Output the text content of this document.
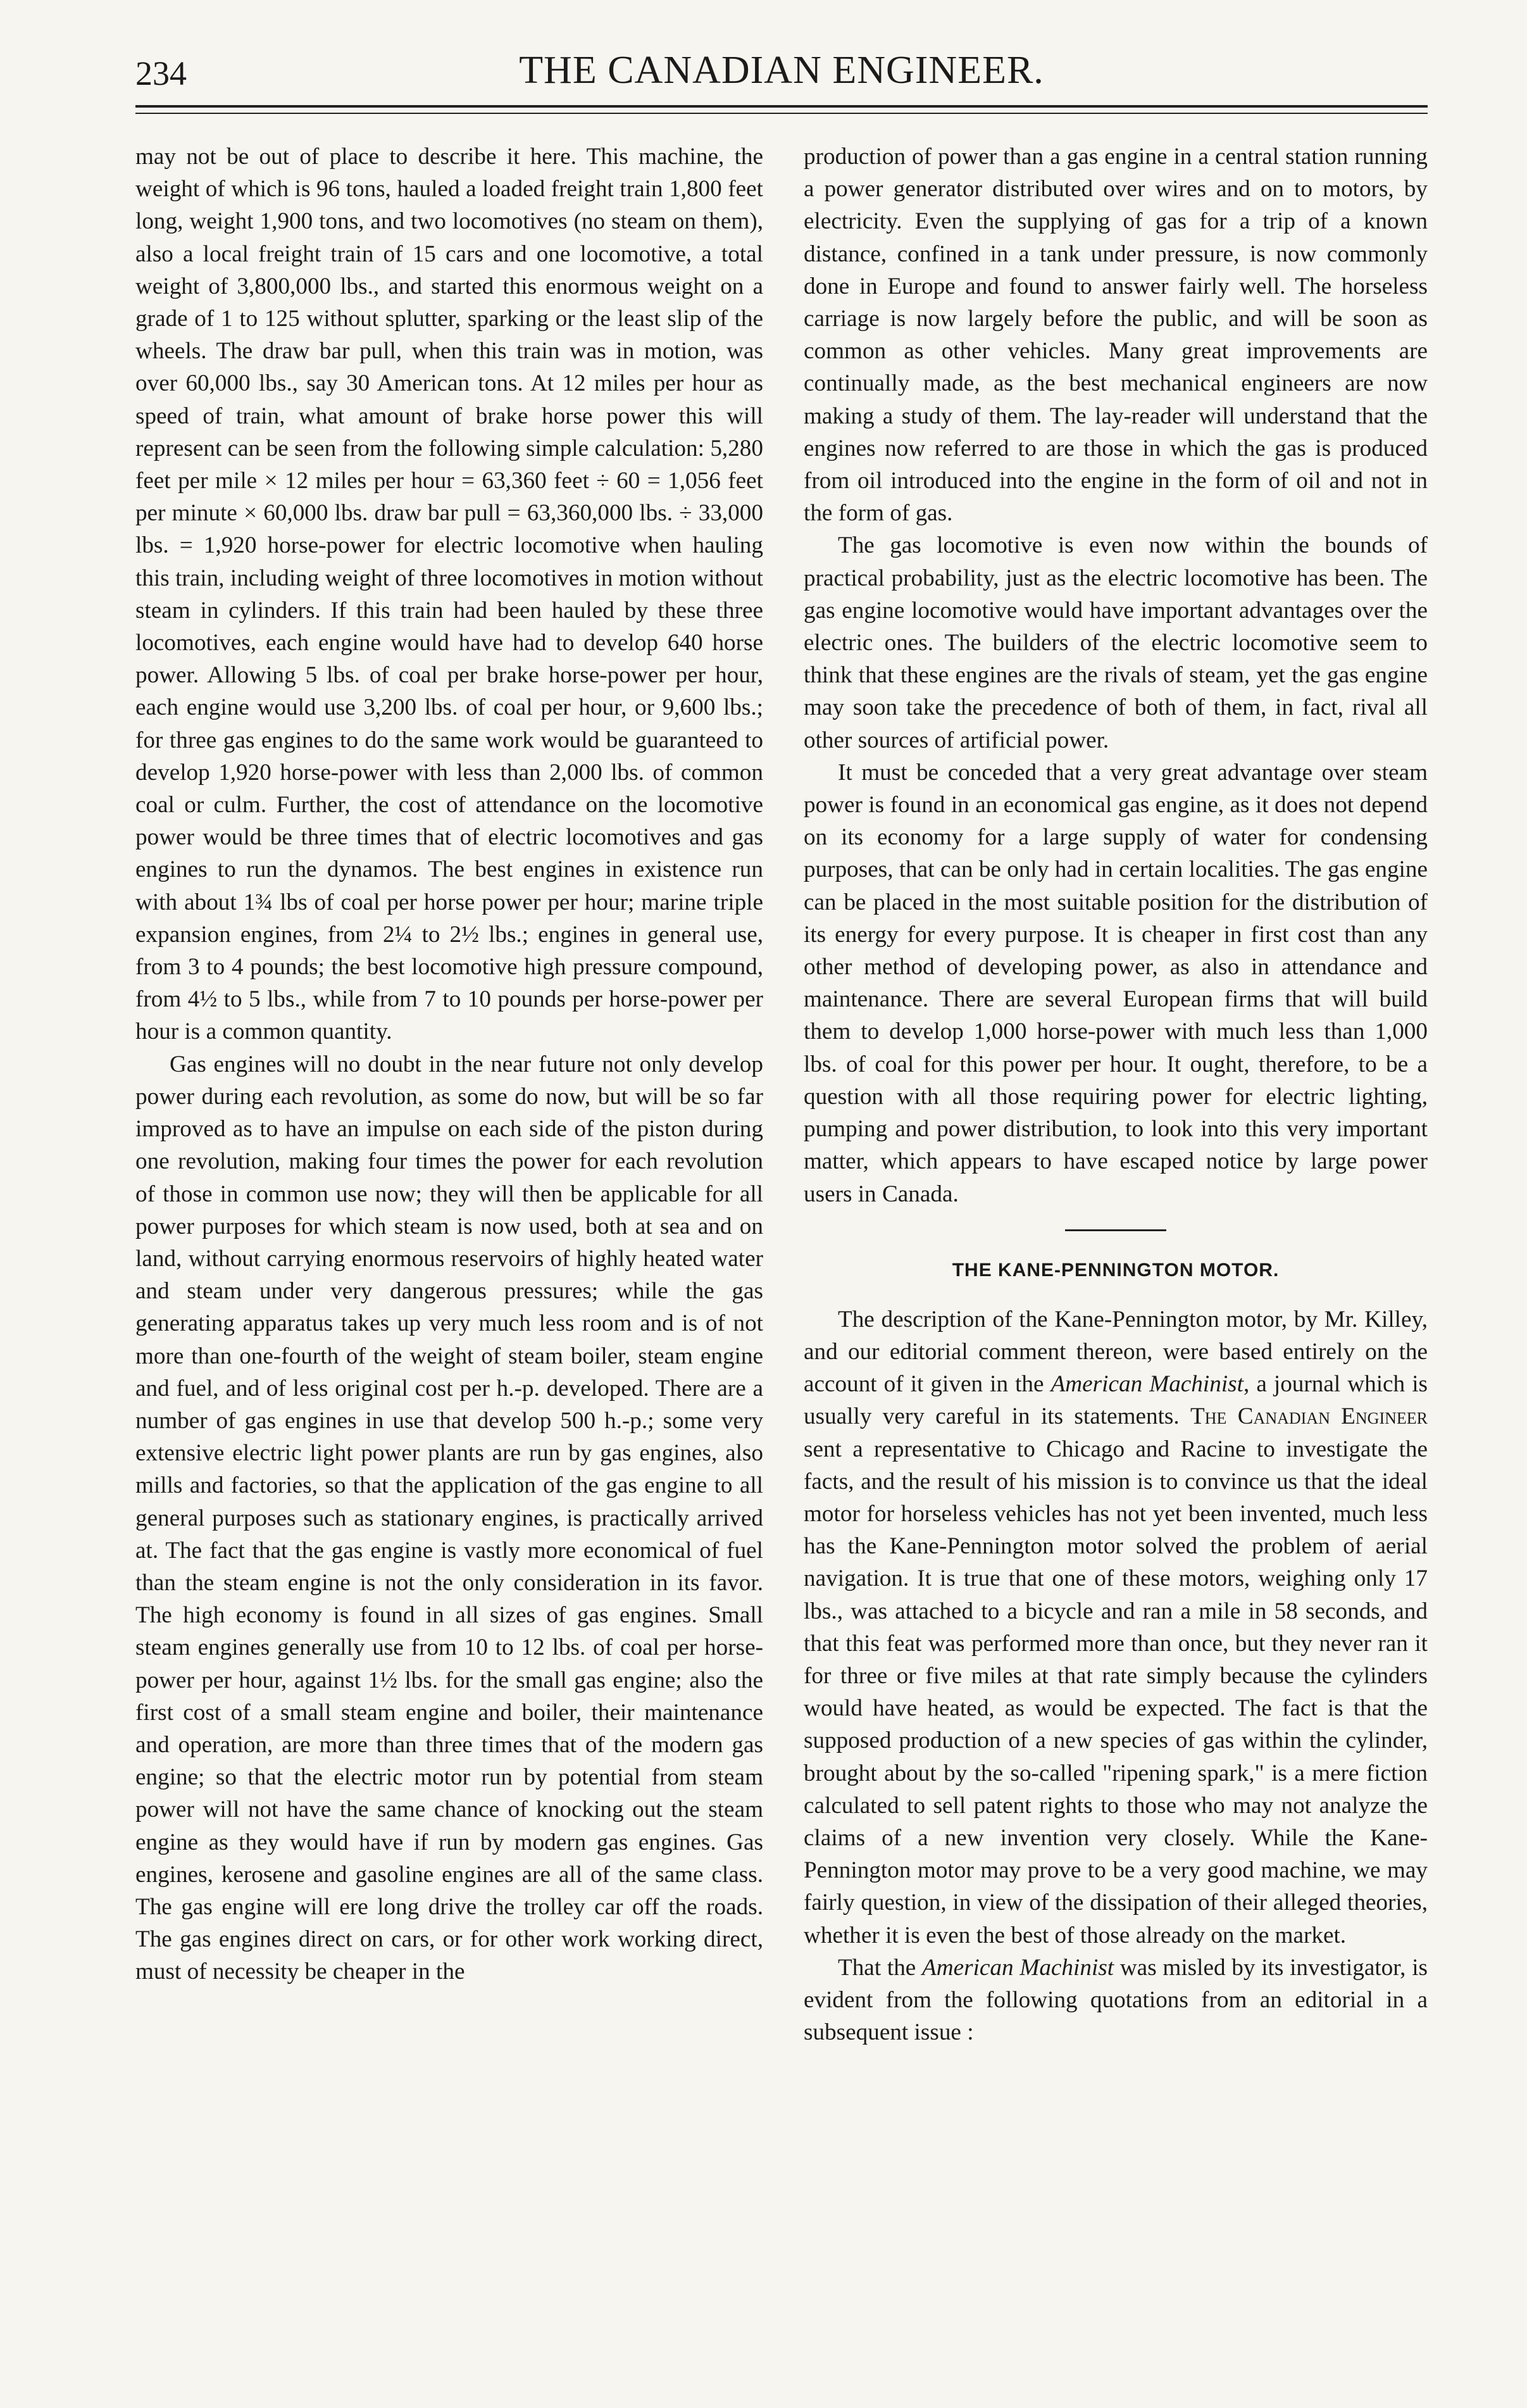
234	THE CANADIAN ENGINEER.

may not be out of place to describe it here. This machine, the weight of which is 96 tons, hauled a loaded freight train 1,800 feet long, weight 1,900 tons, and two locomotives (no steam on them), also a local freight train of 15 cars and one locomotive, a total weight of 3,800,000 lbs., and started this enormous weight on a grade of 1 to 125 without splutter, sparking or the least slip of the wheels. The draw bar pull, when this train was in motion, was over 60,000 lbs., say 30 American tons. At 12 miles per hour as speed of train, what amount of brake horse power this will represent can be seen from the following simple calculation: 5,280 feet per mile × 12 miles per hour = 63,360 feet ÷ 60 = 1,056 feet per minute × 60,000 lbs. draw bar pull = 63,360,000 lbs. ÷ 33,000 lbs. = 1,920 horse-power for electric locomotive when hauling this train, including weight of three locomotives in motion without steam in cylinders. If this train had been hauled by these three locomotives, each engine would have had to develop 640 horse power. Allowing 5 lbs. of coal per brake horse-power per hour, each engine would use 3,200 lbs. of coal per hour, or 9,600 lbs.; for three gas engines to do the same work would be guaranteed to develop 1,920 horse-power with less than 2,000 lbs. of common coal or culm. Further, the cost of attendance on the locomotive power would be three times that of electric locomotives and gas engines to run the dynamos. The best engines in existence run with about 1¾ lbs of coal per horse power per hour; marine triple expansion engines, from 2¼ to 2½ lbs.; engines in general use, from 3 to 4 pounds; the best locomotive high pressure compound, from 4½ to 5 lbs., while from 7 to 10 pounds per horse-power per hour is a common quantity.

Gas engines will no doubt in the near future not only develop power during each revolution, as some do now, but will be so far improved as to have an impulse on each side of the piston during one revolution, making four times the power for each revolution of those in common use now; they will then be applicable for all power purposes for which steam is now used, both at sea and on land, without carrying enormous reservoirs of highly heated water and steam under very dangerous pressures; while the gas generating apparatus takes up very much less room and is of not more than one-fourth of the weight of steam boiler, steam engine and fuel, and of less original cost per h.-p. developed. There are a number of gas engines in use that develop 500 h.-p.; some very extensive electric light power plants are run by gas engines, also mills and factories, so that the application of the gas engine to all general purposes such as stationary engines, is practically arrived at. The fact that the gas engine is vastly more economical of fuel than the steam engine is not the only consideration in its favor. The high economy is found in all sizes of gas engines. Small steam engines generally use from 10 to 12 lbs. of coal per horse-power per hour, against 1½ lbs. for the small gas engine; also the first cost of a small steam engine and boiler, their maintenance and operation, are more than three times that of the modern gas engine; so that the electric motor run by potential from steam power will not have the same chance of knocking out the steam engine as they would have if run by modern gas engines. Gas engines, kerosene and gasoline engines are all of the same class. The gas engine will ere long drive the trolley car off the roads. The gas engines direct on cars, or for other work working direct, must of necessity be cheaper in the

production of power than a gas engine in a central station running a power generator distributed over wires and on to motors, by electricity. Even the supplying of gas for a trip of a known distance, confined in a tank under pressure, is now commonly done in Europe and found to answer fairly well. The horseless carriage is now largely before the public, and will be soon as common as other vehicles. Many great improvements are continually made, as the best mechanical engineers are now making a study of them. The lay-reader will understand that the engines now referred to are those in which the gas is produced from oil introduced into the engine in the form of oil and not in the form of gas.

The gas locomotive is even now within the bounds of practical probability, just as the electric locomotive has been. The gas engine locomotive would have important advantages over the electric ones. The builders of the electric locomotive seem to think that these engines are the rivals of steam, yet the gas engine may soon take the precedence of both of them, in fact, rival all other sources of artificial power.

It must be conceded that a very great advantage over steam power is found in an economical gas engine, as it does not depend on its economy for a large supply of water for condensing purposes, that can be only had in certain localities. The gas engine can be placed in the most suitable position for the distribution of its energy for every purpose. It is cheaper in first cost than any other method of developing power, as also in attendance and maintenance. There are several European firms that will build them to develop 1,000 horse-power with much less than 1,000 lbs. of coal for this power per hour. It ought, therefore, to be a question with all those requiring power for electric lighting, pumping and power distribution, to look into this very important matter, which appears to have escaped notice by large power users in Canada.

THE KANE-PENNINGTON MOTOR.

The description of the Kane-Pennington motor, by Mr. Killey, and our editorial comment thereon, were based entirely on the account of it given in the American Machinist, a journal which is usually very careful in its statements. The Canadian Engineer sent a representative to Chicago and Racine to investigate the facts, and the result of his mission is to convince us that the ideal motor for horseless vehicles has not yet been invented, much less has the Kane-Pennington motor solved the problem of aerial navigation. It is true that one of these motors, weighing only 17 lbs., was attached to a bicycle and ran a mile in 58 seconds, and that this feat was performed more than once, but they never ran it for three or five miles at that rate simply because the cylinders would have heated, as would be expected. The fact is that the supposed production of a new species of gas within the cylinder, brought about by the so-called "ripening spark," is a mere fiction calculated to sell patent rights to those who may not analyze the claims of a new invention very closely. While the Kane-Pennington motor may prove to be a very good machine, we may fairly question, in view of the dissipation of their alleged theories, whether it is even the best of those already on the market.

That the American Machinist was misled by its investigator, is evident from the following quotations from an editorial in a subsequent issue :
